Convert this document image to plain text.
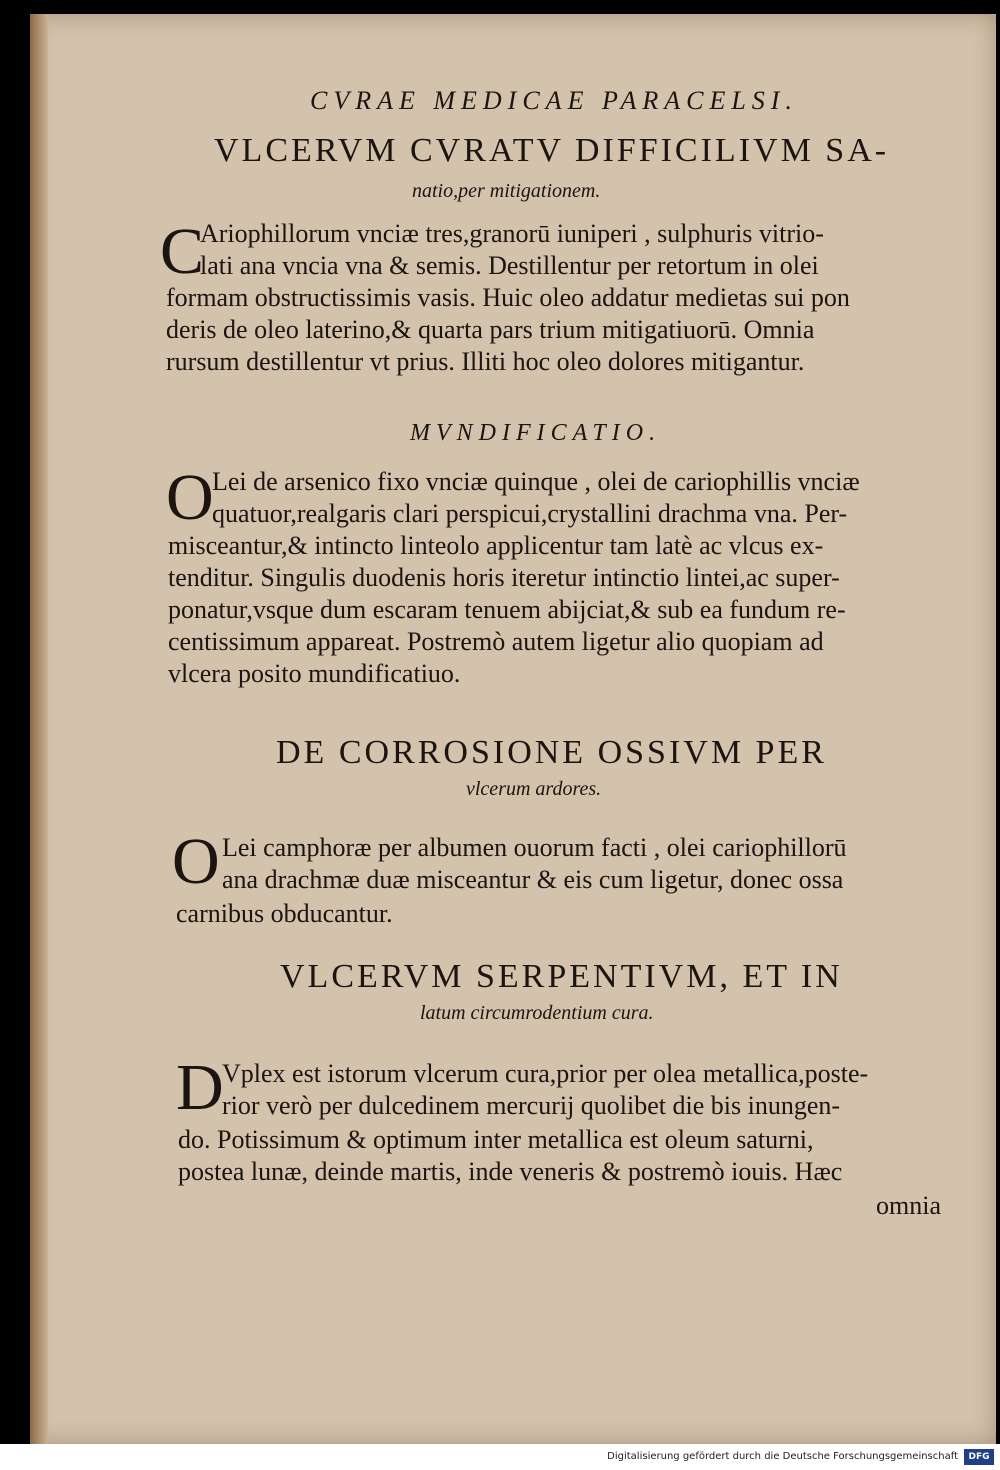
CVRAE MEDICAE PARACELSI.
VLCERVM CVRATV DIFFICILIVM SA-
natio,per mitigationem.
C
Ariophillorum vnciæ tres,granorū iuniperi , sulphuris vitrio-
lati ana vncia vna & semis. Destillentur per retortum in olei
formam obstructissimis vasis. Huic oleo addatur medietas sui pon
deris de oleo laterino,& quarta pars trium mitigatiuorū. Omnia
rursum destillentur vt prius. Illiti hoc oleo dolores mitigantur.
MVNDIFICATIO.
O
Lei de arsenico fixo vnciæ quinque , olei de cariophillis vnciæ
quatuor,realgaris clari perspicui,crystallini drachma vna. Per-
misceantur,& intincto linteolo applicentur tam latè ac vlcus ex-
tenditur. Singulis duodenis horis iteretur intinctio lintei,ac super-
ponatur,vsque dum escaram tenuem abijciat,& sub ea fundum re-
centissimum appareat. Postremò autem ligetur alio quopiam ad
vlcera posito mundificatiuo.
DE CORROSIONE OSSIVM PER
vlcerum ardores.
O Lei camphoræ per albumen ouorum facti , olei cariophillorū
ana drachmæ duæ misceantur & eis cum ligetur, donec ossa
carnibus obducantur.
VLCERVM SERPENTIVM, ET IN
latum circumrodentium cura.
D
Vplex est istorum vlcerum cura,prior per olea metallica,poste-
rior verò per dulcedinem mercurij quolibet die bis inungen-
do. Potissimum & optimum inter metallica est oleum saturni,
postea lunæ, deinde martis, inde veneris & postremò iouis. Hæc
omnia
Digitalisierung gefördert durch die Deutsche Forschungsgemeinschaft	DFG
